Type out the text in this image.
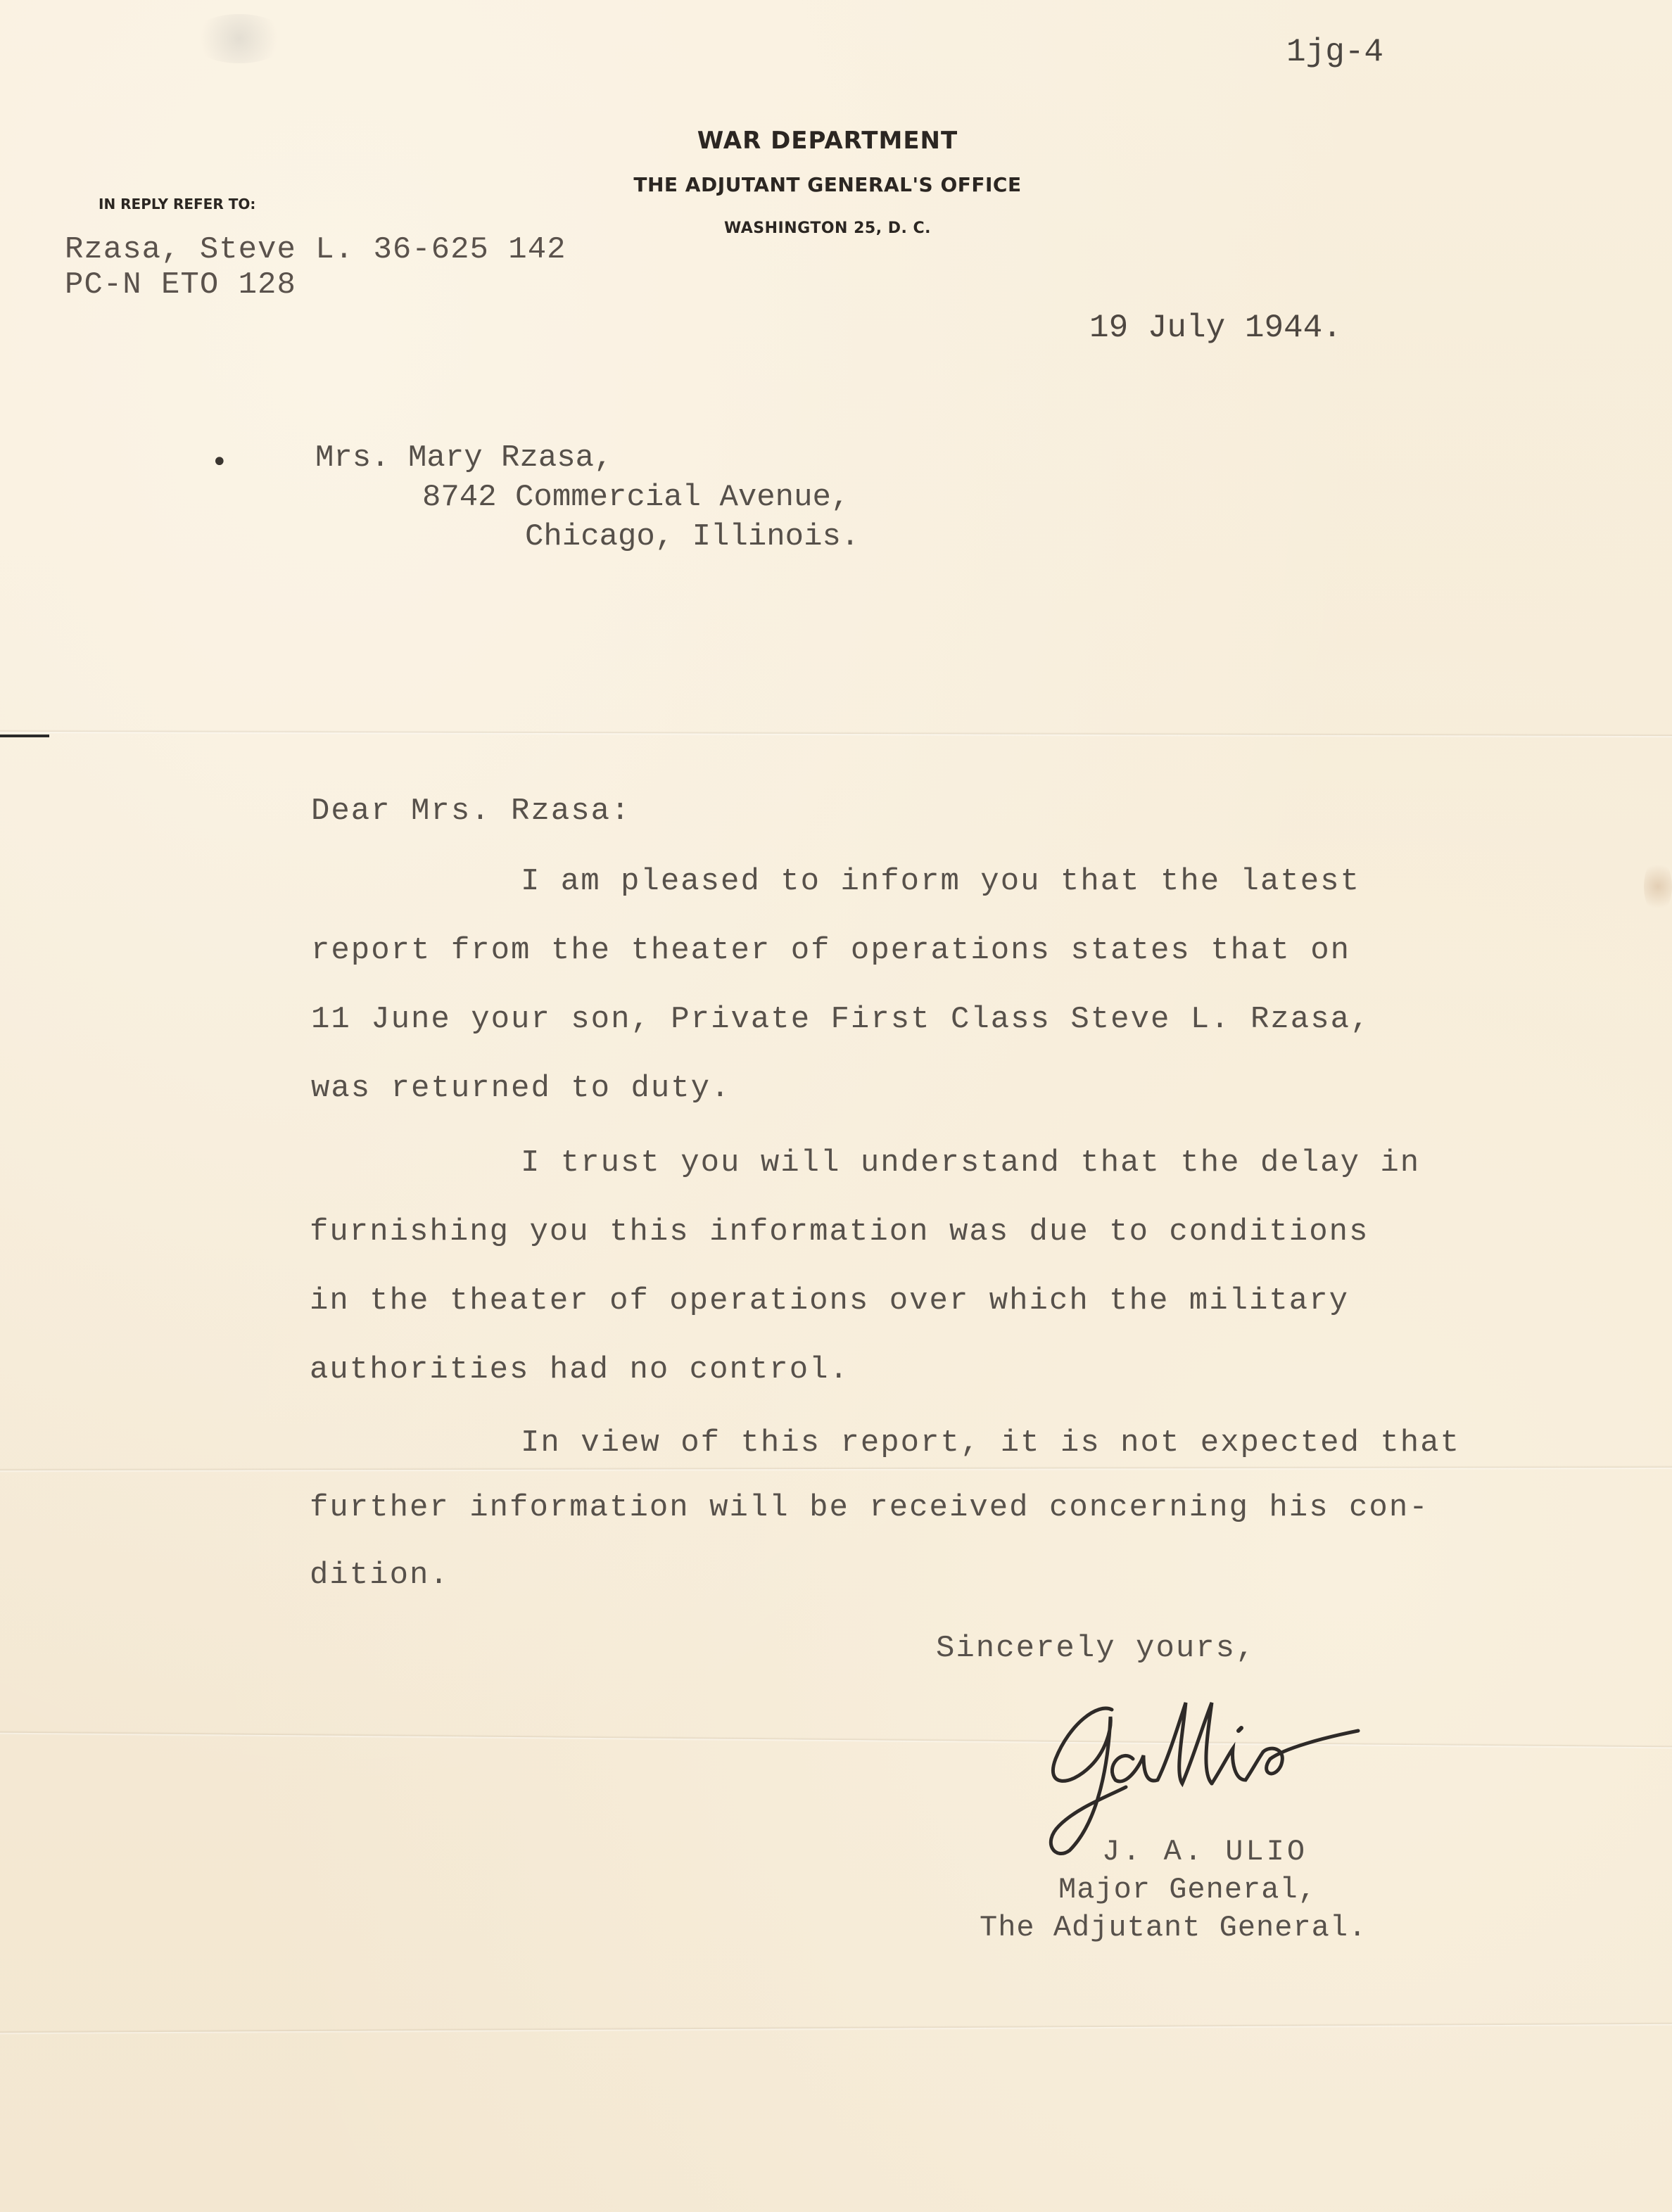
1jg-4

WAR DEPARTMENT

THE ADJUTANT GENERAL'S OFFICE

WASHINGTON 25, D. C.

IN REPLY REFER TO:

Rzasa, Steve L. 36-625 142

PC-N ETO 128

19 July 1944.

•	Mrs. Mary Rzasa,

8742 Commercial Avenue,

Chicago, Illinois.

Dear Mrs. Rzasa:

I am pleased to inform you that the latest

report from the theater of operations states that on

11 June your son, Private First Class Steve L. Rzasa,

was returned to duty.

I trust you will understand that the delay in

furnishing you this information was due to conditions

in the theater of operations over which the military

authorities had no control.

In view of this report, it is not expected that

further information will be received concerning his con-

dition.

Sincerely yours,

J. A. ULIO

Major General,

The Adjutant General.
